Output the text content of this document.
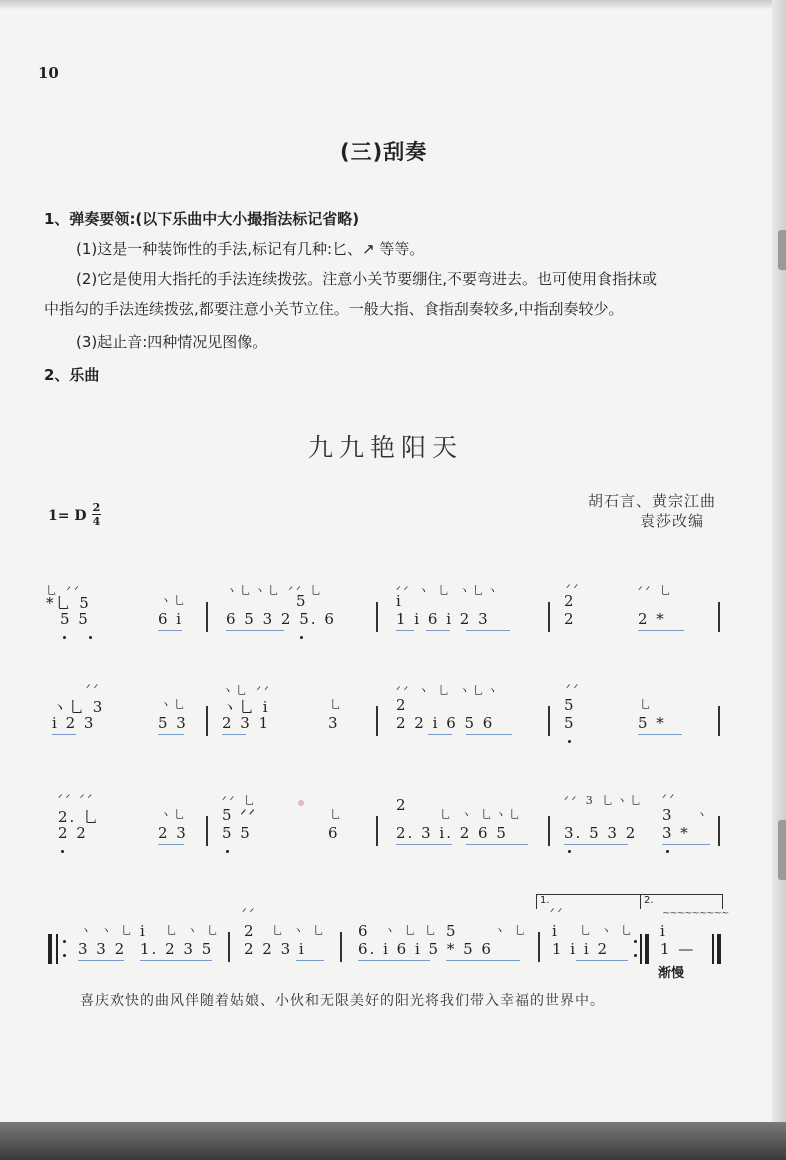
10
(三)刮奏
1、弹奏要领:(以下乐曲中大小撮指法标记省略)
(1)这是一种装饰性的手法,标记有几种:⼔、↗ 等等。
(2)它是使用大指托的手法连续拨弦。注意小关节要绷住,不要弯进去。也可使用食指抹或
中指勾的手法连续拨弦,都要注意小关节立住。一般大指、食指刮奏较多,中指刮奏较少。
(3)起止音:四种情况见图像。
2、乐曲
九九艳阳天
胡石言、黄宗江曲
袁莎改编
1= D
2
4
乚 ᐟᐟ
ヽ乚
ヽ乚ヽ乚 ᐟᐟ 乚	ᐟᐟ ヽ 乚 ヽ乚ヽ	ᐟᐟ	ᐟᐟ 乚
*乚 5	5	i	2
5 5	6 i	6 5 3 2 5. 6	1 i 6 i 2 3	2	2 *
ᐟᐟ
ヽ乚
ヽ乚 ᐟᐟ
乚
ᐟᐟ ヽ 乚 ヽ乚ヽ	ᐟᐟ
乚
ヽ乚 3	ヽ乚 i	2	5
i 2 3	5 3 2 3 1	3	2 2 i 6 5 6	5	5 *
ᐟᐟ ᐟᐟ
ヽ乚
ᐟᐟ 乚
乚	乚 ヽ 乚ヽ乚
ᐟᐟ 3 乚ヽ乚 ᐟᐟ
ヽ
2. 乚	5 ᐟᐟ
2
3
2 2	2 3 5 5	6	2. 3 i. 2 6 5	3. 5 3 2 3 *
1.	2.
ヽ ヽ 乚	乚 ヽ 乚
ᐟᐟ
乚 ヽ 乚	ヽ 乚 乚	ヽ 乚
ᐟᐟ
乚 ヽ 乚
~~~~~~~~~
i	2	6	5	i	i
3 3 2 1. 2 3 5 2 2 3 i	6. i 6 i 5 * 5 6	1 i i 2	1 —
渐慢
喜庆欢快的曲风伴随着姑娘、小伙和无限美好的阳光将我们带入幸福的世界中。
